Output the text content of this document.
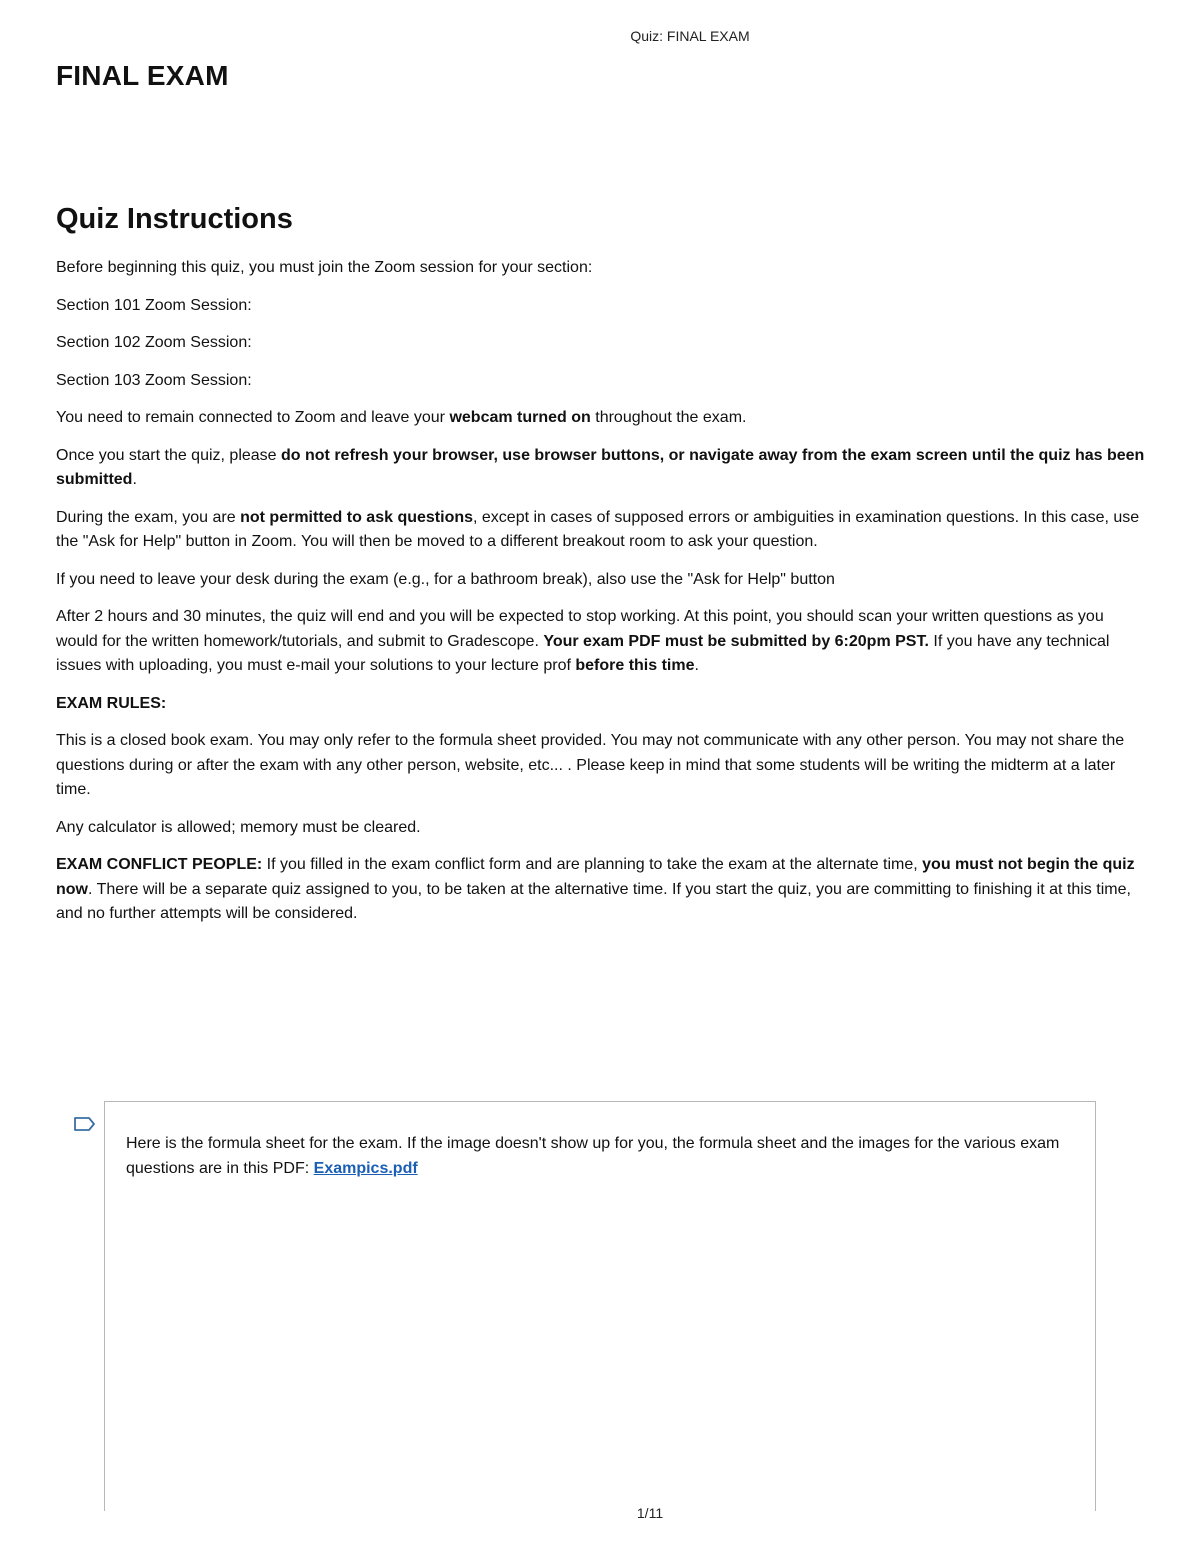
Quiz: FINAL EXAM
FINAL EXAM
Quiz Instructions

Before beginning this quiz, you must join the Zoom session for your section:

Section 101 Zoom Session:

Section 102 Zoom Session:

Section 103 Zoom Session:

You need to remain connected to Zoom and leave your webcam turned on throughout the exam.

Once you start the quiz, please do not refresh your browser, use browser buttons, or navigate away from the exam screen until the quiz has been submitted.

During the exam, you are not permitted to ask questions, except in cases of supposed errors or ambiguities in examination questions. In this case, use the "Ask for Help" button in Zoom. You will then be moved to a different breakout room to ask your question.

If you need to leave your desk during the exam (e.g., for a bathroom break), also use the "Ask for Help" button

After 2 hours and 30 minutes, the quiz will end and you will be expected to stop working. At this point, you should scan your written questions as you would for the written homework/tutorials, and submit to Gradescope. Your exam PDF must be submitted by 6:20pm PST. If you have any technical issues with uploading, you must e-mail your solutions to your lecture prof before this time.

EXAM RULES:

This is a closed book exam. You may only refer to the formula sheet provided. You may not communicate with any other person. You may not share the questions during or after the exam with any other person, website, etc... . Please keep in mind that some students will be writing the midterm at a later time.

Any calculator is allowed; memory must be cleared.

EXAM CONFLICT PEOPLE: If you filled in the exam conflict form and are planning to take the exam at the alternate time, you must not begin the quiz now. There will be a separate quiz assigned to you, to be taken at the alternative time. If you start the quiz, you are committing to finishing it at this time, and no further attempts will be considered.

Here is the formula sheet for the exam. If the image doesn't show up for you, the formula sheet and the images for the various exam questions are in this PDF: Exampics.pdf

1/11
